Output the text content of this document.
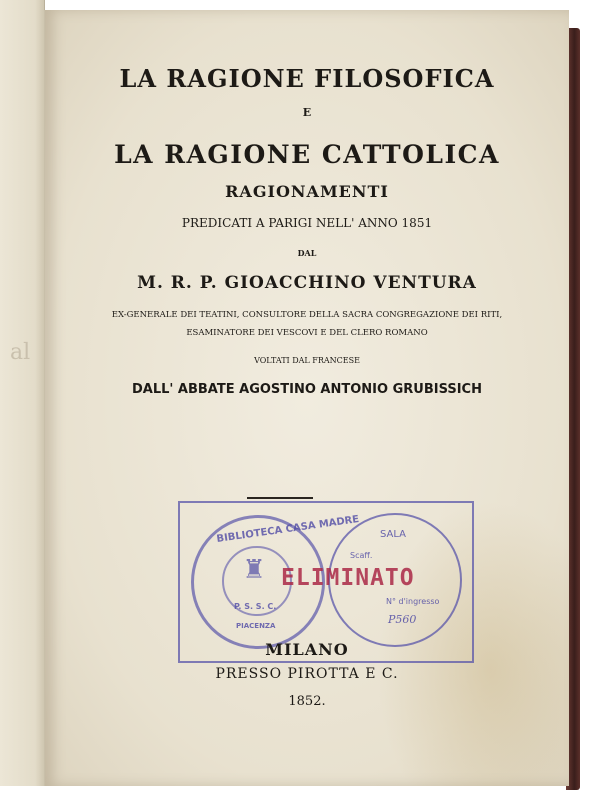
al
LA RAGIONE FILOSOFICA
E
LA RAGIONE CATTOLICA
RAGIONAMENTI
PREDICATI A PARIGI NELL' ANNO 1851
DAL
M. R. P. GIOACCHINO VENTURA
EX-GENERALE DEI TEATINI, CONSULTORE DELLA SACRA CONGREGAZIONE DEI RITI,
ESAMINATORE DEI VESCOVI E DEL CLERO ROMANO
VOLTATI DAL FRANCESE
DALL' ABBATE AGOSTINO ANTONIO GRUBISSICH
BIBLIOTECA CASA MADRE
♜
P. S. S. C.
PIACENZA
SALA
Scaff.
N° d'ingresso
P560
ELIMINATO
MILANO
PRESSO PIROTTA E C.
1852.
